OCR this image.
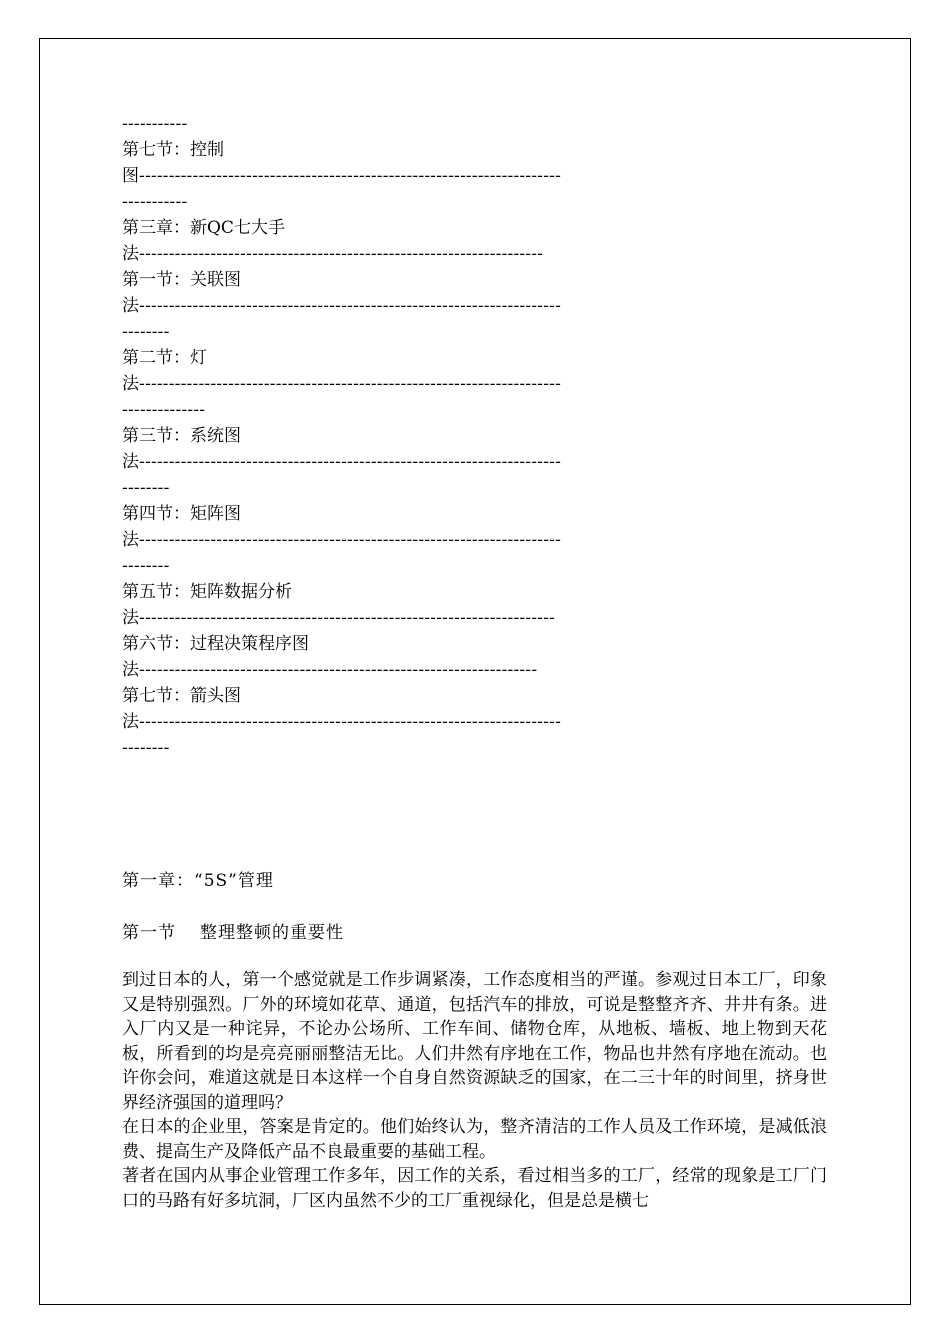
-----------
第七节：控制
图-----------------------------------------------------------------------
-----------
第三章：新QC七大手
法--------------------------------------------------------------------
第一节：关联图
法-----------------------------------------------------------------------
--------
第二节：灯
法-----------------------------------------------------------------------
--------------
第三节：系统图
法-----------------------------------------------------------------------
--------
第四节：矩阵图
法-----------------------------------------------------------------------
--------
第五节：矩阵数据分析
法----------------------------------------------------------------------
第六节：过程决策程序图
法-------------------------------------------------------------------
第七节：箭头图
法-----------------------------------------------------------------------
--------
第一章：“5S”管理
第一节 整理整顿的重要性

到过日本的人，第一个感觉就是工作步调紧凑，工作态度相当的严谨。参观过日本工厂，印象又是特别强烈。厂外的环境如花草、通道，包括汽车的排放，可说是整整齐齐、井井有条。进入厂内又是一种诧异，不论办公场所、工作车间、储物仓库，从地板、墙板、地上物到天花板，所看到的均是亮亮丽丽整洁无比。人们井然有序地在工作，物品也井然有序地在流动。也许你会问，难道这就是日本这样一个自身自然资源缺乏的国家，在二三十年的时间里，挤身世界经济强国的道理吗？

在日本的企业里，答案是肯定的。他们始终认为，整齐清洁的工作人员及工作环境，是减低浪费、提高生产及降低产品不良最重要的基础工程。

著者在国内从事企业管理工作多年，因工作的关系，看过相当多的工厂，经常的现象是工厂门口的马路有好多坑洞，厂区内虽然不少的工厂重视绿化，但是总是横七
